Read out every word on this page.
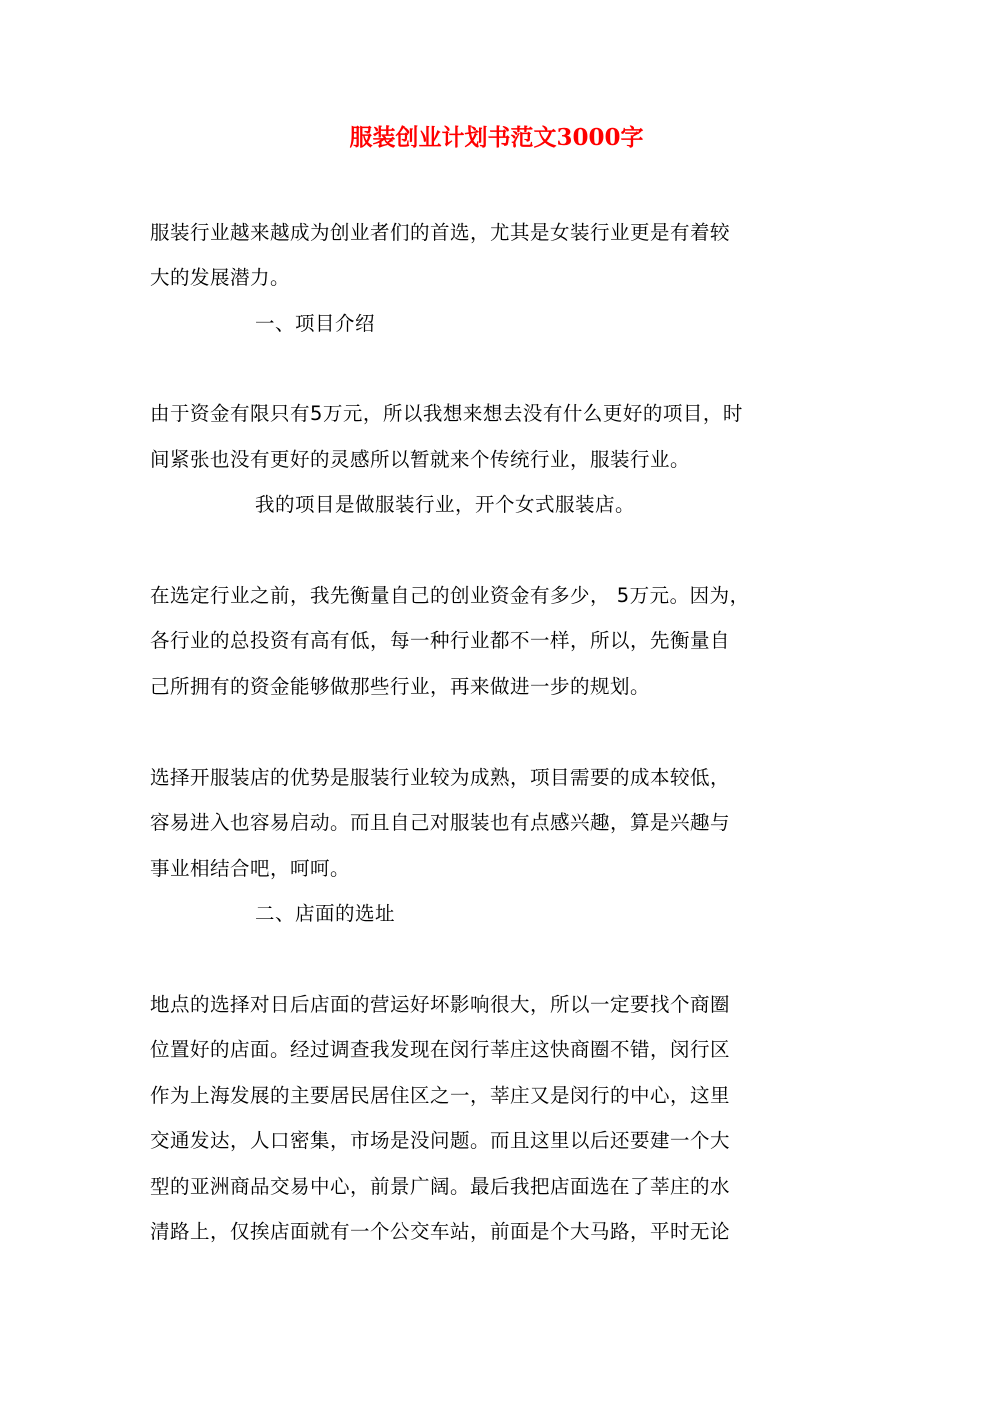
服装创业计划书范文3000字
服装行业越来越成为创业者们的首选，尤其是女装行业更是有着较
大的发展潜力。
一、项目介绍
由于资金有限只有5万元，所以我想来想去没有什么更好的项目，时
间紧张也没有更好的灵感所以暂就来个传统行业，服装行业。
我的项目是做服装行业，开个女式服装店。
在选定行业之前，我先衡量自己的创业资金有多少， 5万元。因为，
各行业的总投资有高有低，每一种行业都不一样，所以，先衡量自
己所拥有的资金能够做那些行业，再来做进一步的规划。
选择开服装店的优势是服装行业较为成熟，项目需要的成本较低，
容易进入也容易启动。而且自己对服装也有点感兴趣，算是兴趣与
事业相结合吧，呵呵。
二、店面的选址
地点的选择对日后店面的营运好坏影响很大，所以一定要找个商圈
位置好的店面。经过调查我发现在闵行莘庄这快商圈不错，闵行区
作为上海发展的主要居民居住区之一，莘庄又是闵行的中心，这里
交通发达，人口密集，市场是没问题。而且这里以后还要建一个大
型的亚洲商品交易中心，前景广阔。最后我把店面选在了莘庄的水
清路上，仅挨店面就有一个公交车站，前面是个大马路，平时无论
